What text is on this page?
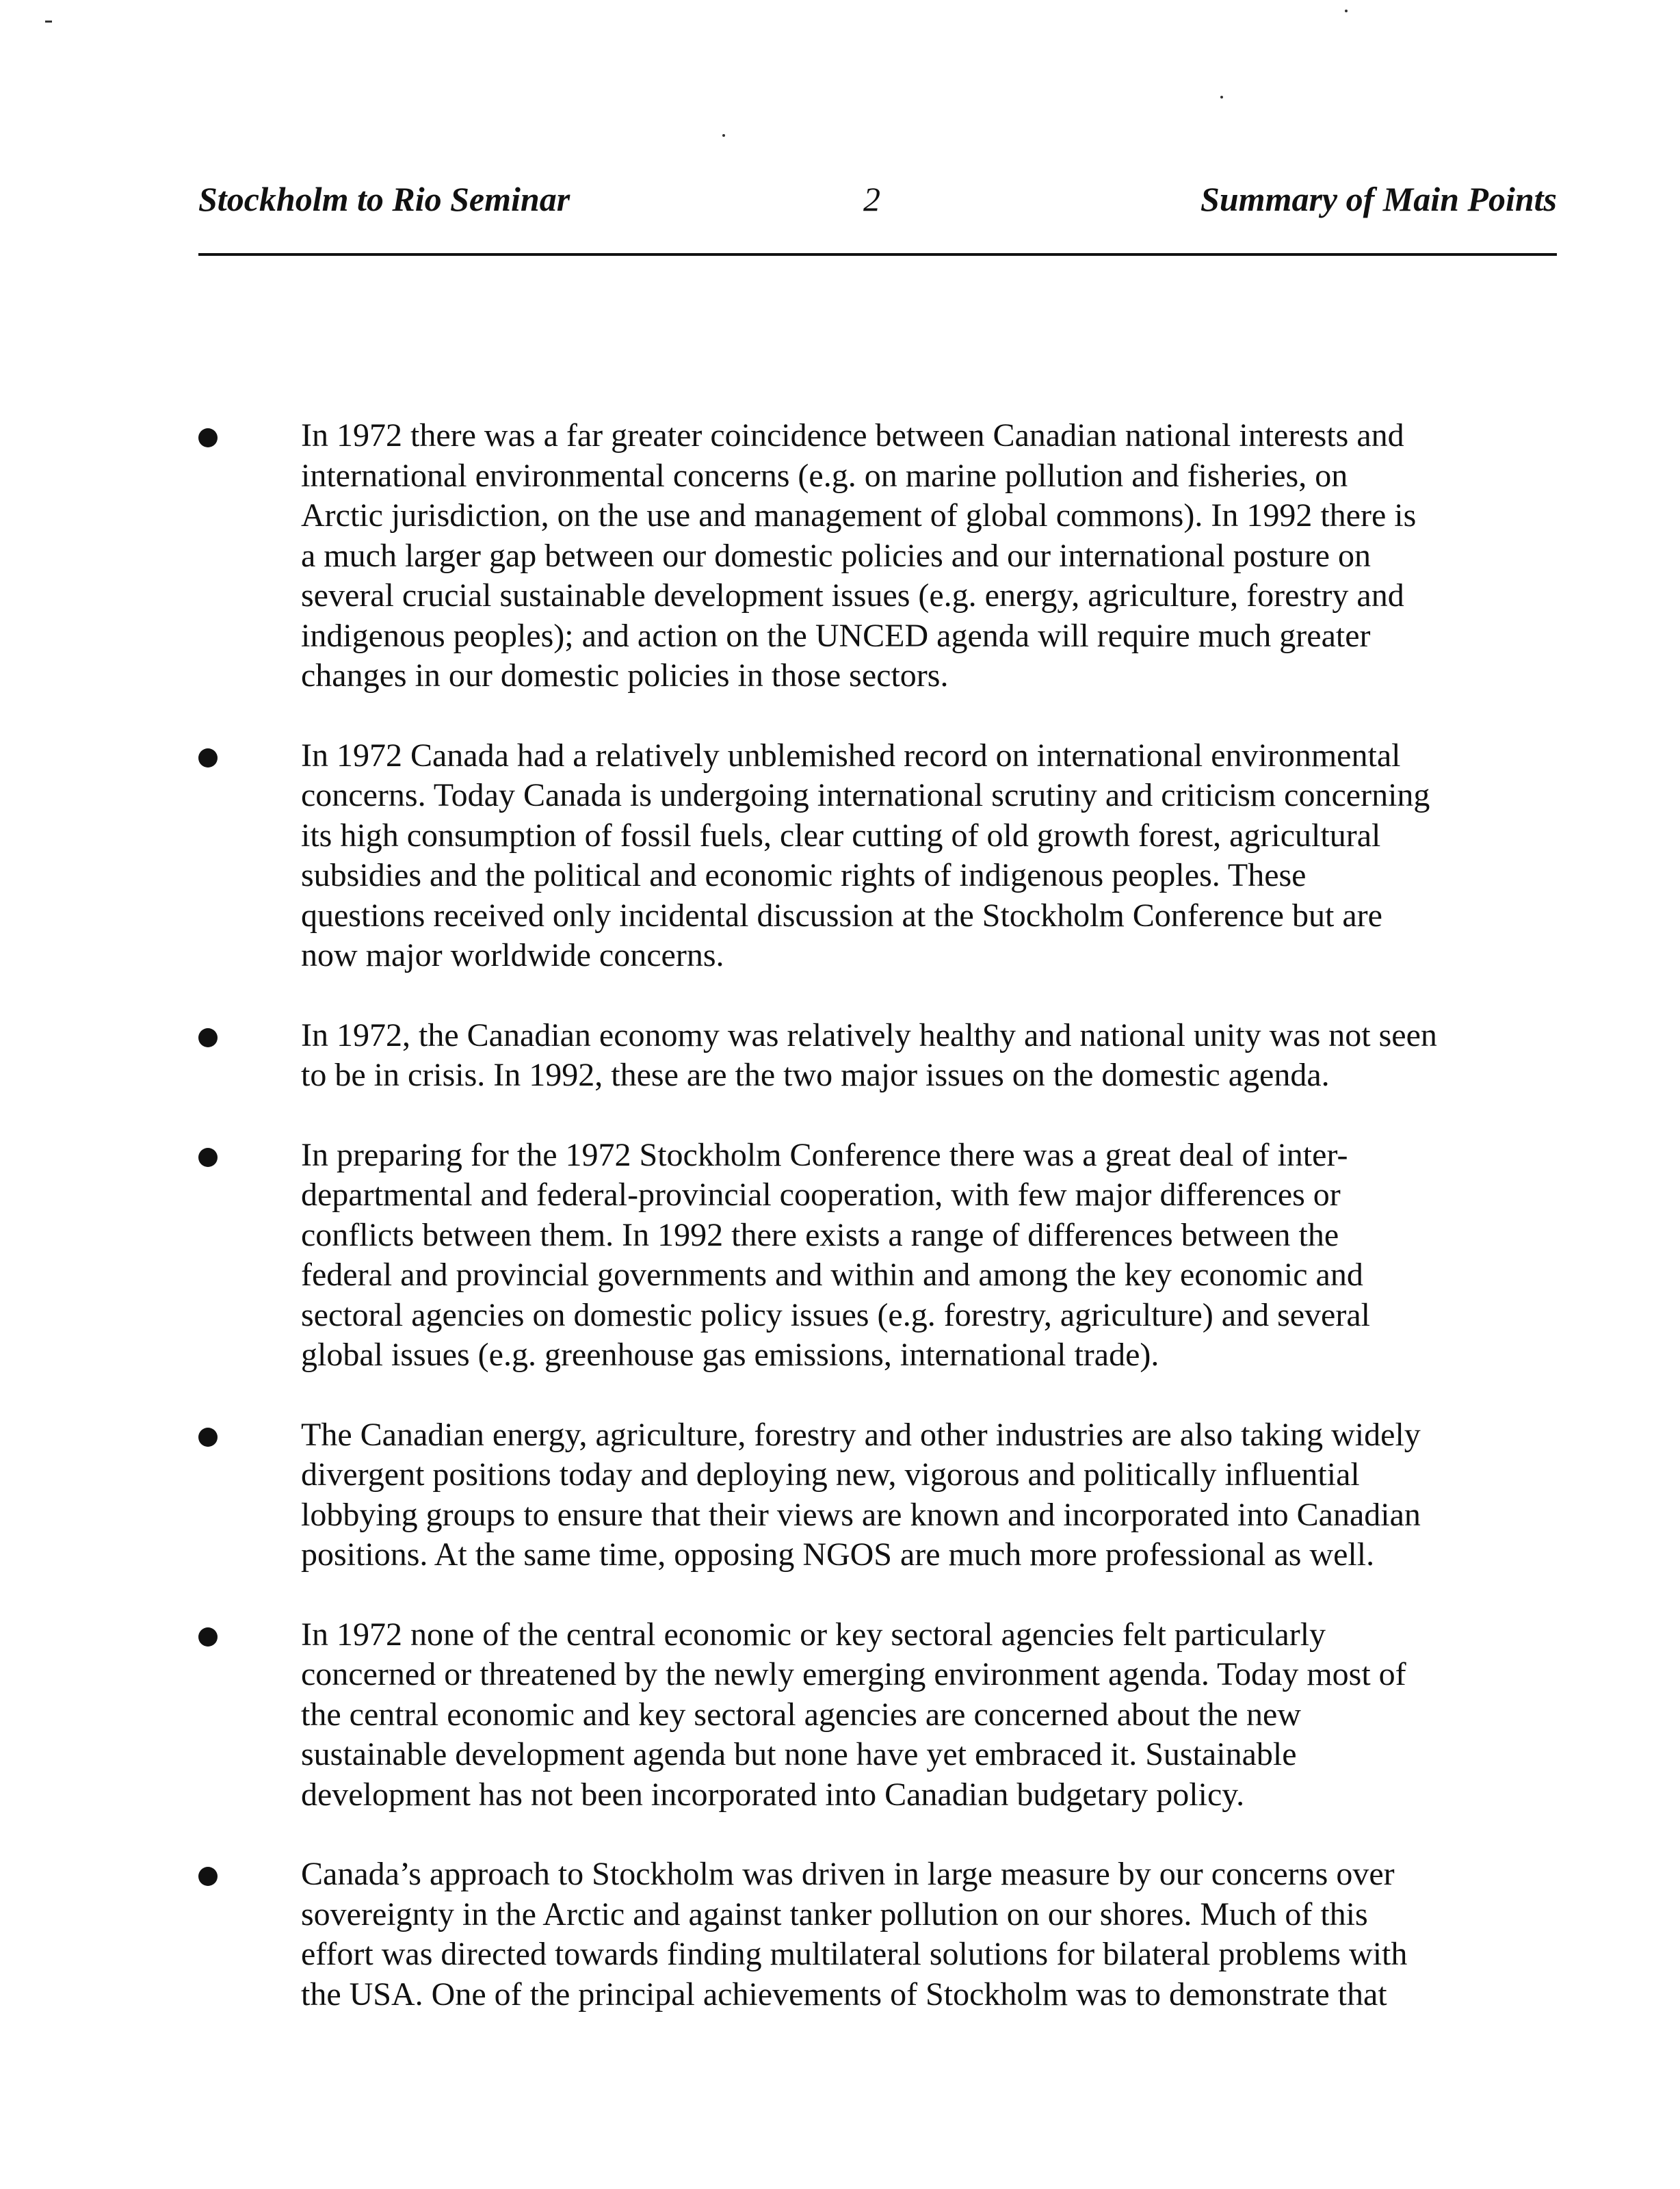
Stockholm to Rio Seminar	2	Summary of Main Points
In 1972 there was a far greater coincidence between Canadian national interests and
international environmental concerns (e.g. on marine pollution and fisheries, on
Arctic jurisdiction, on the use and management of global commons). In 1992 there is
a much larger gap between our domestic policies and our international posture on
several crucial sustainable development issues (e.g. energy, agriculture, forestry and
indigenous peoples); and action on the UNCED agenda will require much greater
changes in our domestic policies in those sectors.
In 1972 Canada had a relatively unblemished record on international environmental
concerns. Today Canada is undergoing international scrutiny and criticism concerning
its high consumption of fossil fuels, clear cutting of old growth forest, agricultural
subsidies and the political and economic rights of indigenous peoples. These
questions received only incidental discussion at the Stockholm Conference but are
now major worldwide concerns.
In 1972, the Canadian economy was relatively healthy and national unity was not seen
to be in crisis. In 1992, these are the two major issues on the domestic agenda.
In preparing for the 1972 Stockholm Conference there was a great deal of inter-
departmental and federal-provincial cooperation, with few major differences or
conflicts between them. In 1992 there exists a range of differences between the
federal and provincial governments and within and among the key economic and
sectoral agencies on domestic policy issues (e.g. forestry, agriculture) and several
global issues (e.g. greenhouse gas emissions, international trade).
The Canadian energy, agriculture, forestry and other industries are also taking widely
divergent positions today and deploying new, vigorous and politically influential
lobbying groups to ensure that their views are known and incorporated into Canadian
positions. At the same time, opposing NGOS are much more professional as well.
In 1972 none of the central economic or key sectoral agencies felt particularly
concerned or threatened by the newly emerging environment agenda. Today most of
the central economic and key sectoral agencies are concerned about the new
sustainable development agenda but none have yet embraced it. Sustainable
development has not been incorporated into Canadian budgetary policy.
Canada’s approach to Stockholm was driven in large measure by our concerns over
sovereignty in the Arctic and against tanker pollution on our shores. Much of this
effort was directed towards finding multilateral solutions for bilateral problems with
the USA. One of the principal achievements of Stockholm was to demonstrate that
